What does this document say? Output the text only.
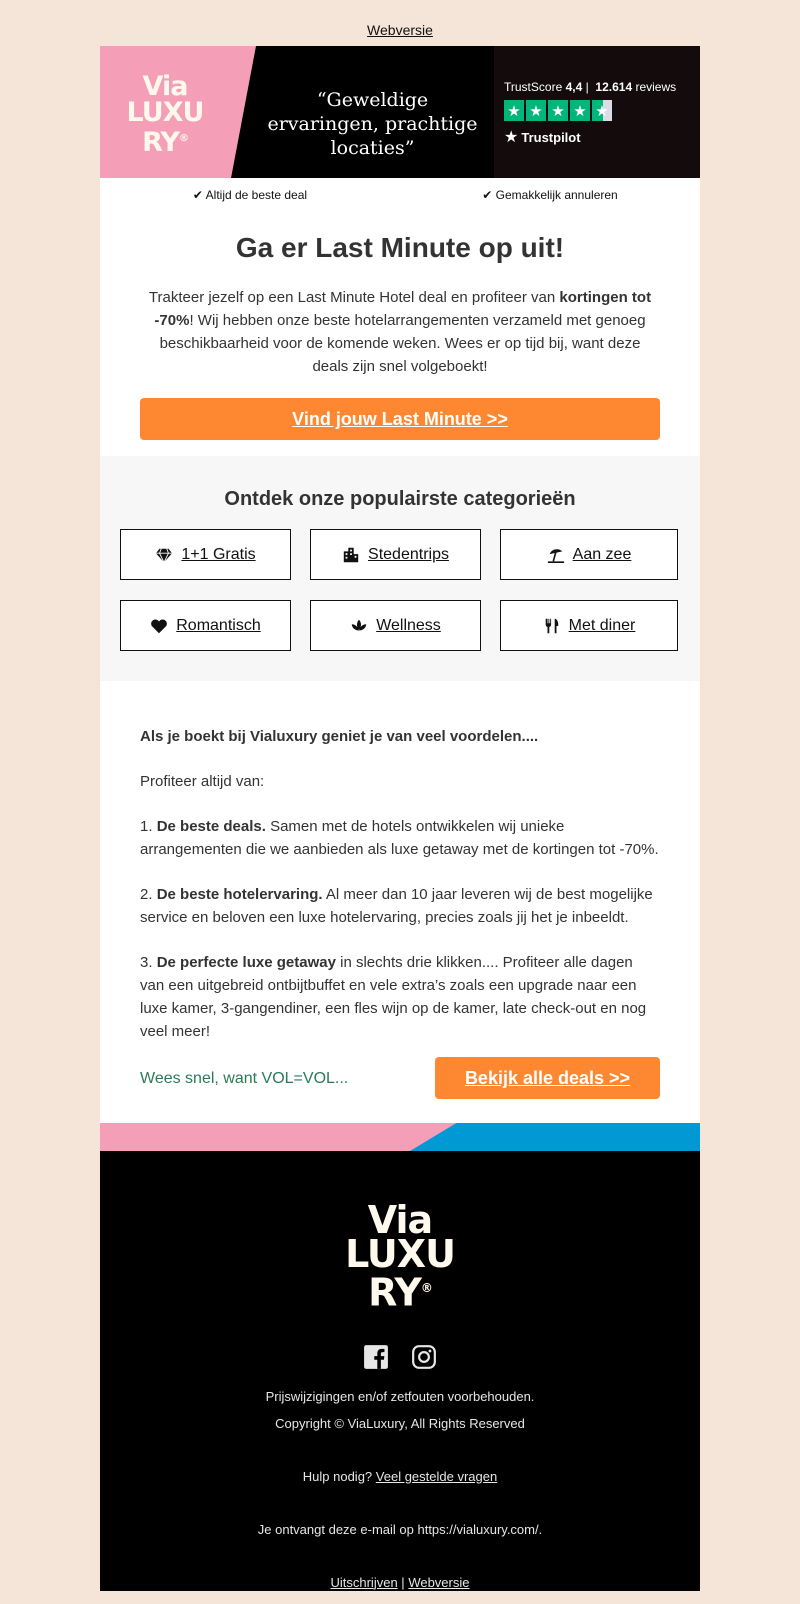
Webversie
Via
LUXU
RY®
“Geweldige ervaringen, prachtige locaties”
TrustScore 4,4 | 12.614 reviews
★ ★ ★ ★ ★
★ Trustpilot
✔ Altijd de beste deal	✔ Gemakkelijk annuleren
Ga er Last Minute op uit!

Trakteer jezelf op een Last Minute Hotel deal en profiteer van kortingen tot -70%! Wij hebben onze beste hotelarrangementen verzameld met genoeg beschikbaarheid voor de komende weken. Wees er op tijd bij, want deze deals zijn snel volgeboekt!

Vind jouw Last Minute >>
Ontdek onze populairste categorieën
1+1 Gratis	Stedentrips	Aan zee
Romantisch	Wellness	Met diner

Als je boekt bij Vialuxury geniet je van veel voordelen....

Profiteer altijd van:

1. De beste deals. Samen met de hotels ontwikkelen wij unieke arrangementen die we aanbieden als luxe getaway met de kortingen tot -70%.

2. De beste hotelervaring. Al meer dan 10 jaar leveren wij de best mogelijke service en beloven een luxe hotelervaring, precies zoals jij het je inbeeldt.

3. De perfecte luxe getaway in slechts drie klikken.... Profiteer alle dagen van een uitgebreid ontbijtbuffet en vele extra’s zoals een upgrade naar een luxe kamer, 3-gangendiner, een fles wijn op de kamer, late check-out en nog veel meer!

Wees snel, want VOL=VOL...	Bekijk alle deals >>
Via
LUXU
RY®

Prijswijzigingen en/of zetfouten voorbehouden.

Copyright © ViaLuxury, All Rights Reserved

Hulp nodig? Veel gestelde vragen

Je ontvangt deze e-mail op https://vialuxury.com/.

Uitschrijven | Webversie
